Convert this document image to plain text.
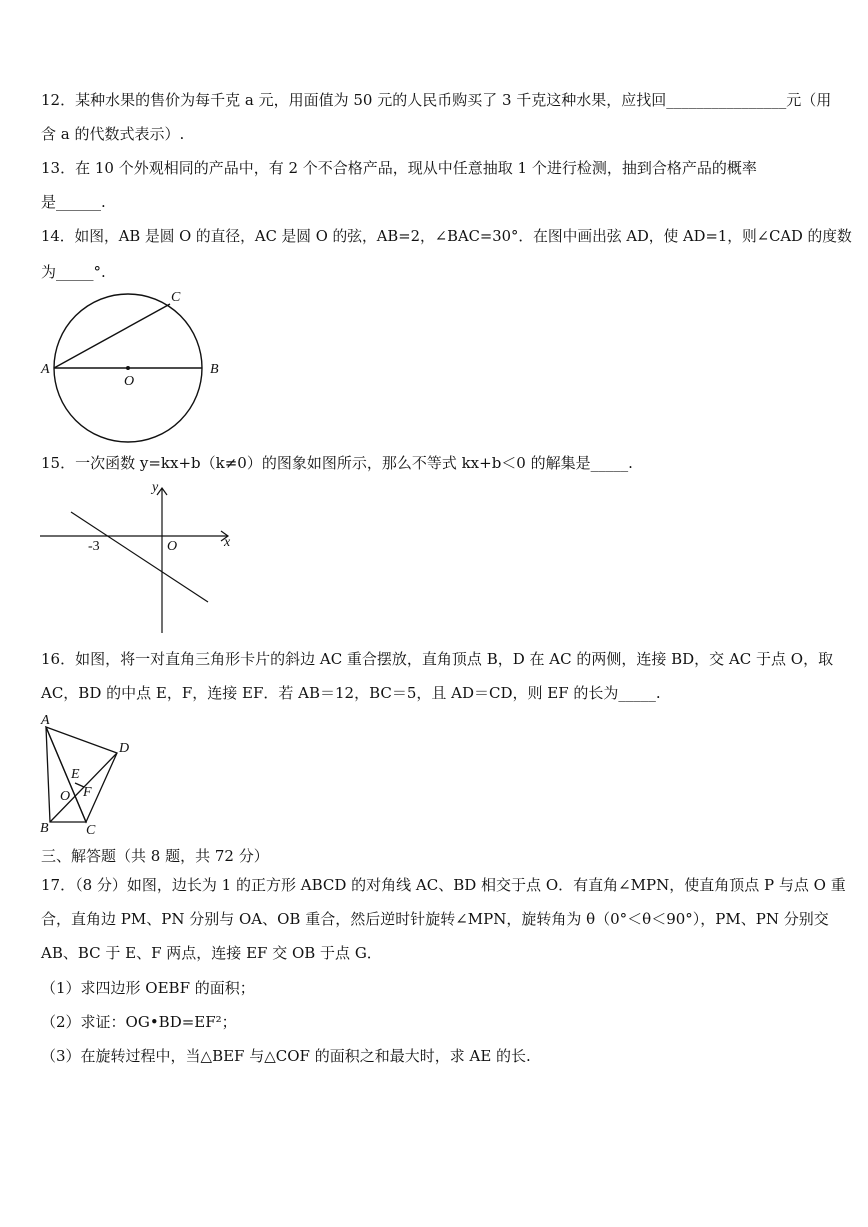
12．某种水果的售价为每千克 a 元，用面值为 50 元的人民币购买了 3 千克这种水果，应找回________________元（用
含 a 的代数式表示）.
13．在 10 个外观相同的产品中，有 2 个不合格产品，现从中任意抽取 1 个进行检测，抽到合格产品的概率
是______.
14．如图，AB 是圆 O 的直径，AC 是圆 O 的弦，AB=2，∠BAC=30°．在图中画出弦 AD，使 AD=1，则∠CAD 的度数
为_____°.
A	B
C
O
15．一次函数 y=kx+b（k≠0）的图象如图所示，那么不等式 kx+b＜0 的解集是_____.
y
x
O
-3
16．如图，将一对直角三角形卡片的斜边 AC 重合摆放，直角顶点 B，D 在 AC 的两侧，连接 BD，交 AC 于点 O，取
AC，BD 的中点 E，F，连接 EF．若 AB＝12，BC＝5，且 AD＝CD，则 EF 的长为_____.
A
B	C
D
E
F
O
三、解答题（共 8 题，共 72 分）
17．（8 分）如图，边长为 1 的正方形 ABCD 的对角线 AC、BD 相交于点 O．有直角∠MPN，使直角顶点 P 与点 O 重
合，直角边 PM、PN 分别与 OA、OB 重合，然后逆时针旋转∠MPN，旋转角为 θ（0°＜θ＜90°），PM、PN 分别交
AB、BC 于 E、F 两点，连接 EF 交 OB 于点 G．
（1）求四边形 OEBF 的面积；
（2）求证：OG•BD=EF²；
（3）在旋转过程中，当△BEF 与△COF 的面积之和最大时，求 AE 的长.
